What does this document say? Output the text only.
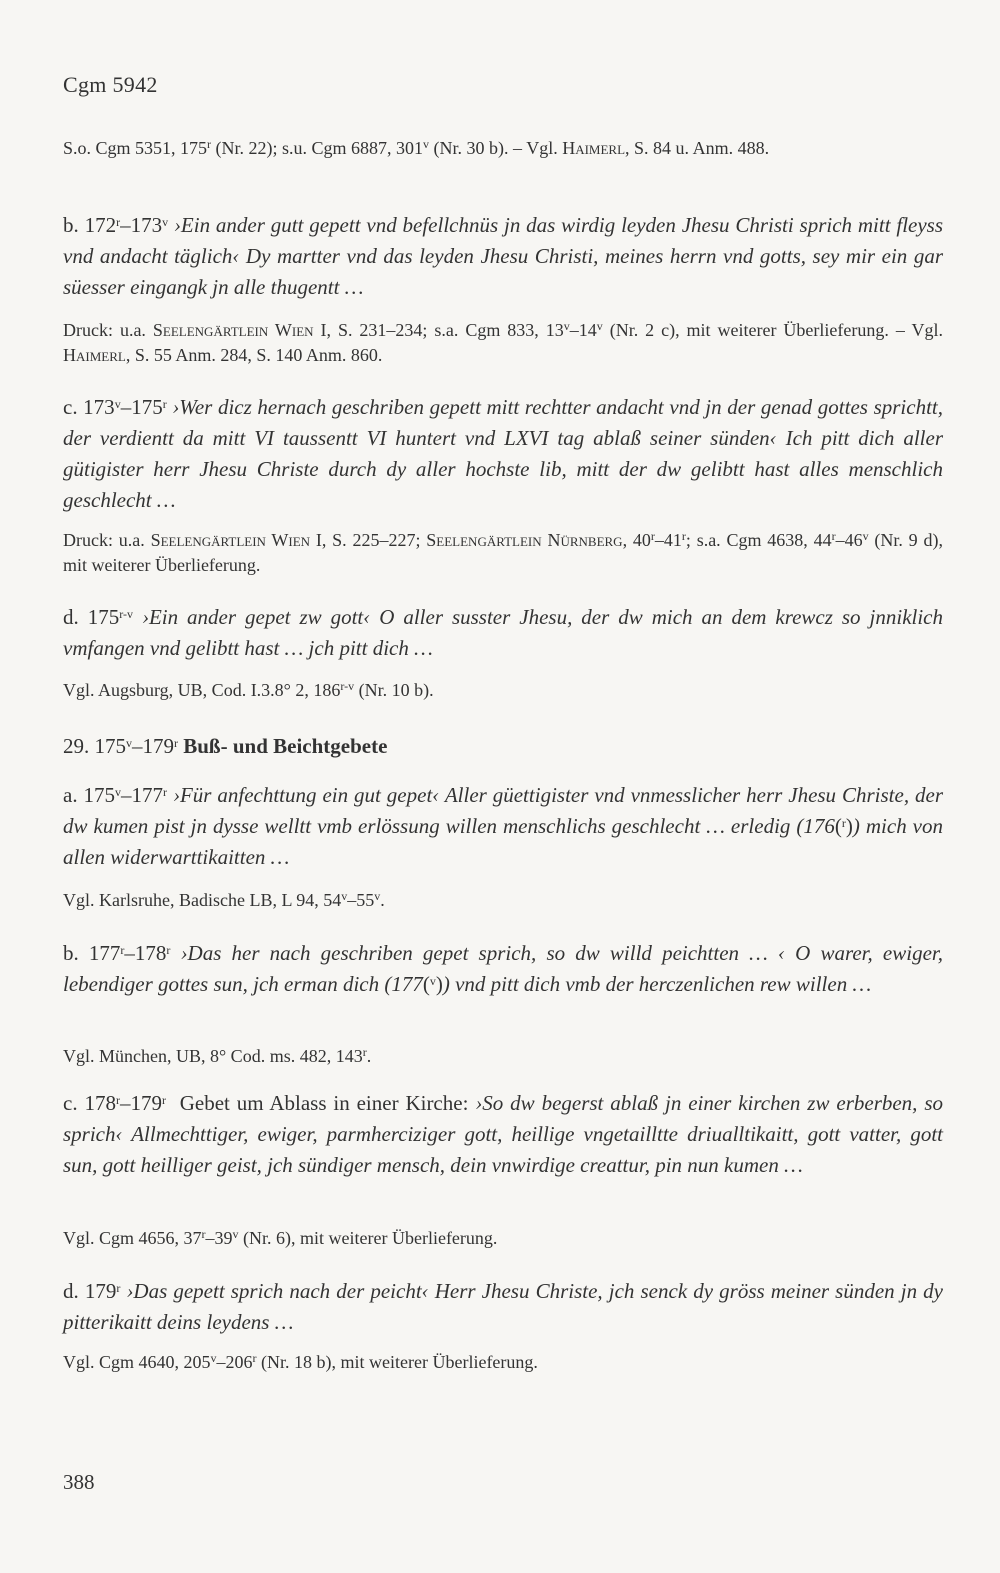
Cgm 5942
S.o. Cgm 5351, 175$^r$ (Nr. 22); s.u. Cgm 6887, 301$^v$ (Nr. 30 b). – Vgl. Haimerl, S. 84 u. Anm. 488.
b. 172$^r$–173$^v$ ›Ein ander gutt gepett vnd befellchnüs jn das wirdig leyden Jhesu Christi sprich mitt fleyss vnd andacht täglich‹ Dy martter vnd das leyden Jhesu Christi, meines herrn vnd gotts, sey mir ein gar süesser eingangk jn alle thugentt …
Druck: u.a. Seelengärtlein Wien I, S. 231–234; s.a. Cgm 833, 13$^v$–14$^v$ (Nr. 2 c), mit weiterer Überlieferung. – Vgl. Haimerl, S. 55 Anm. 284, S. 140 Anm. 860.
c. 173$^v$–175$^r$ ›Wer dicz hernach geschriben gepett mitt rechtter andacht vnd jn der genad gottes sprichtt, der verdientt da mitt VI taussentt VI huntert vnd LXVI tag ablaß seiner sünden‹ Ich pitt dich aller gütigister herr Jhesu Christe durch dy aller hochste lib, mitt der dw gelibtt hast alles menschlich geschlecht …
Druck: u.a. Seelengärtlein Wien I, S. 225–227; Seelengärtlein Nürnberg, 40$^r$–41$^r$; s.a. Cgm 4638, 44$^r$–46$^v$ (Nr. 9 d), mit weiterer Überlieferung.
d. 175$^{r-v}$ ›Ein ander gepet zw gott‹ O aller susster Jhesu, der dw mich an dem krewcz so jnniklich vmfangen vnd gelibtt hast … jch pitt dich …
Vgl. Augsburg, UB, Cod. I.3.8° 2, 186$^{r-v}$ (Nr. 10 b).
29. 175$^v$–179$^r$ Buß- und Beichtgebete
a. 175$^v$–177$^r$ ›Für anfechttung ein gut gepet‹ Aller güettigister vnd vnmesslicher herr Jhesu Christe, der dw kumen pist jn dysse welltt vmb erlössung willen menschlichs geschlecht … erledig (176($^r$)) mich von allen widerwarttikaitten …
Vgl. Karlsruhe, Badische LB, L 94, 54$^v$–55$^v$.
b. 177$^r$–178$^r$ ›Das her nach geschriben gepet sprich, so dw willd peichtten … ‹ O warer, ewiger, lebendiger gottes sun, jch erman dich (177($^v$)) vnd pitt dich vmb der herczenlichen rew willen …
Vgl. München, UB, 8° Cod. ms. 482, 143$^r$.
c. 178$^r$–179$^r$  Gebet um Ablass in einer Kirche: ›So dw begerst ablaß jn einer kirchen zw erberben, so sprich‹ Allmechttiger, ewiger, parmherciziger gott, heillige vngetailltte driualltikaitt, gott vatter, gott sun, gott heilliger geist, jch sündiger mensch, dein vnwirdige creattur, pin nun kumen …
Vgl. Cgm 4656, 37$^r$–39$^v$ (Nr. 6), mit weiterer Überlieferung.
d. 179$^r$ ›Das gepett sprich nach der peicht‹ Herr Jhesu Christe, jch senck dy gröss meiner sünden jn dy pitterikaitt deins leydens …
Vgl. Cgm 4640, 205$^v$–206$^r$ (Nr. 18 b), mit weiterer Überlieferung.
388
